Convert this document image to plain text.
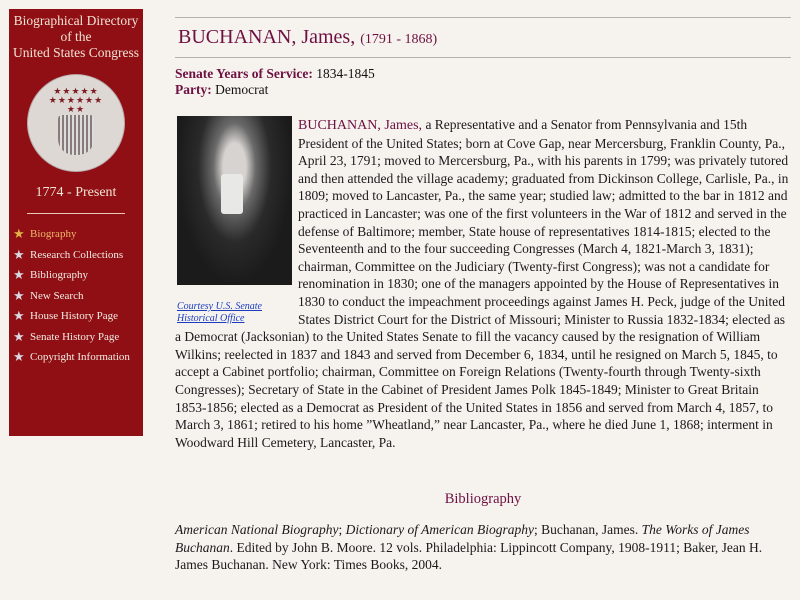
Biographical Directory
of the
United States Congress
★★★★★
★★★★★★
★★
1774 - Present
★ Biography
★ Research Collections
★ Bibliography
★ New Search
★ House History Page
★ Senate History Page
★ Copyright Information
BUCHANAN, James, (1791 - 1868)
Senate Years of Service: 1834-1845
Party: Democrat
Courtesy U.S. Senate Historical Office
BUCHANAN, James, a Representative and a Senator from Pennsylvania and 15th President of the United States; born at Cove Gap, near Mercersburg, Franklin County, Pa., April 23, 1791; moved to Mercersburg, Pa., with his parents in 1799; was privately tutored and then attended the village academy; graduated from Dickinson College, Carlisle, Pa., in 1809; moved to Lancaster, Pa., the same year; studied law; admitted to the bar in 1812 and practiced in Lancaster; was one of the first volunteers in the War of 1812 and served in the defense of Baltimore; member, State house of representatives 1814-1815; elected to the Seventeenth and to the four succeeding Congresses (March 4, 1821-March 3, 1831); chairman, Committee on the Judiciary (Twenty-first Congress); was not a candidate for renomination in 1830; one of the managers appointed by the House of Representatives in 1830 to conduct the impeachment proceedings against James H. Peck, judge of the United States District Court for the District of Missouri; Minister to Russia 1832-1834; elected as a Democrat (Jacksonian) to the United States Senate to fill the vacancy caused by the resignation of William Wilkins; reelected in 1837 and 1843 and served from December 6, 1834, until he resigned on March 5, 1845, to accept a Cabinet portfolio; chairman, Committee on Foreign Relations (Twenty-fourth through Twenty-sixth Congresses); Secretary of State in the Cabinet of President James Polk 1845-1849; Minister to Great Britain 1853-1856; elected as a Democrat as President of the United States in 1856 and served from March 4, 1857, to March 3, 1861; retired to his home ”Wheatland,” near Lancaster, Pa., where he died June 1, 1868; interment in Woodward Hill Cemetery, Lancaster, Pa.
Bibliography
American National Biography; Dictionary of American Biography; Buchanan, James. The Works of James Buchanan. Edited by John B. Moore. 12 vols. Philadelphia: Lippincott Company, 1908-1911; Baker, Jean H. James Buchanan. New York: Times Books, 2004.
